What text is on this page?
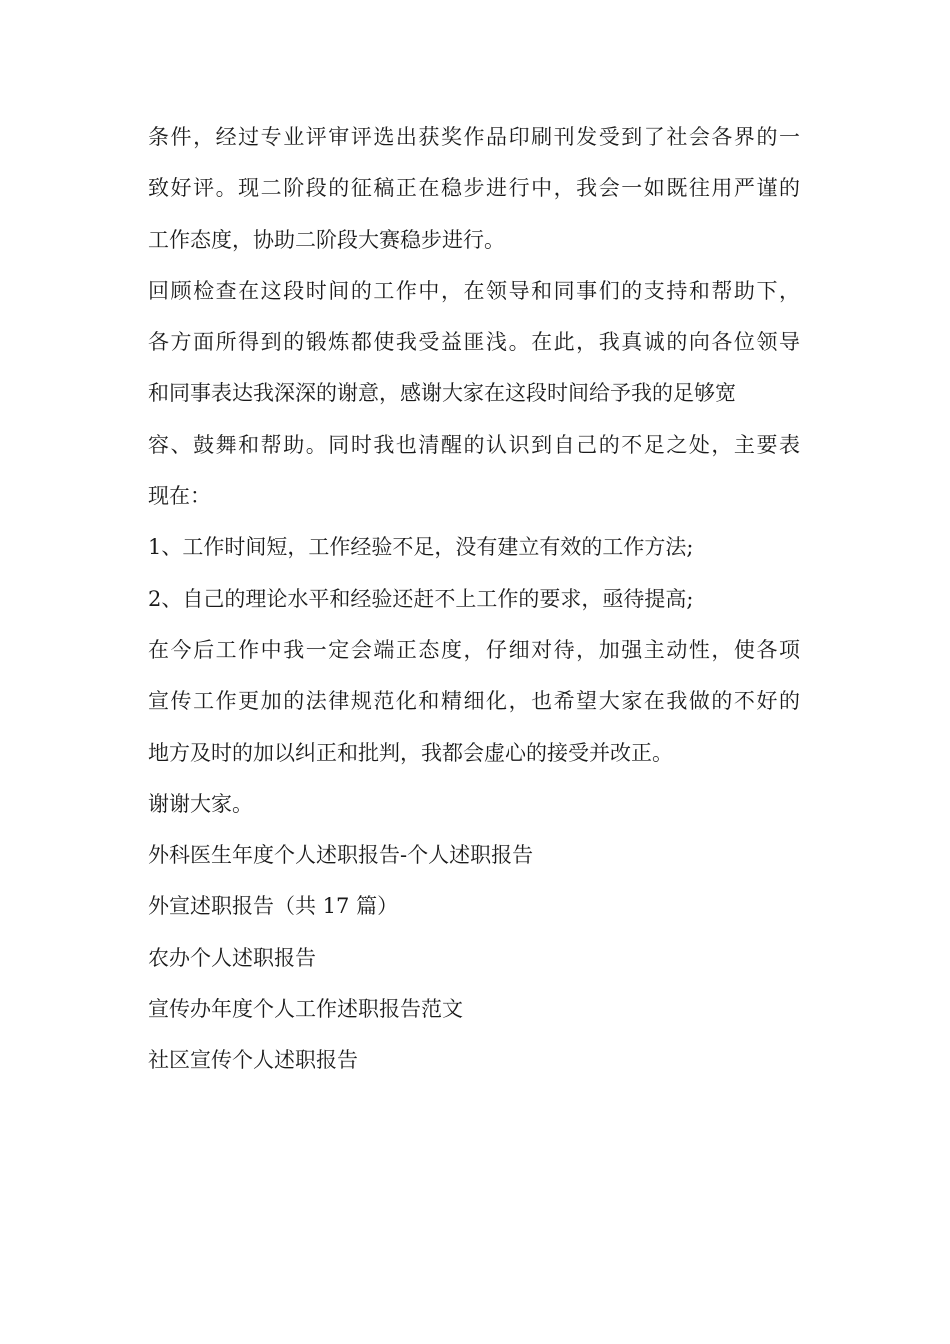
条件，经过专业评审评选出获奖作品印刷刊发受到了社会各界的一
致好评。现二阶段的征稿正在稳步进行中，我会一如既往用严谨的
工作态度，协助二阶段大赛稳步进行。
回顾检查在这段时间的工作中，在领导和同事们的支持和帮助下，
各方面所得到的锻炼都使我受益匪浅。在此，我真诚的向各位领导
和同事表达我深深的谢意，感谢大家在这段时间给予我的足够宽
容、鼓舞和帮助。同时我也清醒的认识到自己的不足之处，主要表
现在：
1、工作时间短，工作经验不足，没有建立有效的工作方法;
2、自己的理论水平和经验还赶不上工作的要求，亟待提高;
在今后工作中我一定会端正态度，仔细对待，加强主动性，使各项
宣传工作更加的法律规范化和精细化，也希望大家在我做的不好的
地方及时的加以纠正和批判，我都会虚心的接受并改正。
谢谢大家。
外科医生年度个人述职报告-个人述职报告
外宣述职报告（共 17 篇）
农办个人述职报告
宣传办年度个人工作述职报告范文
社区宣传个人述职报告
